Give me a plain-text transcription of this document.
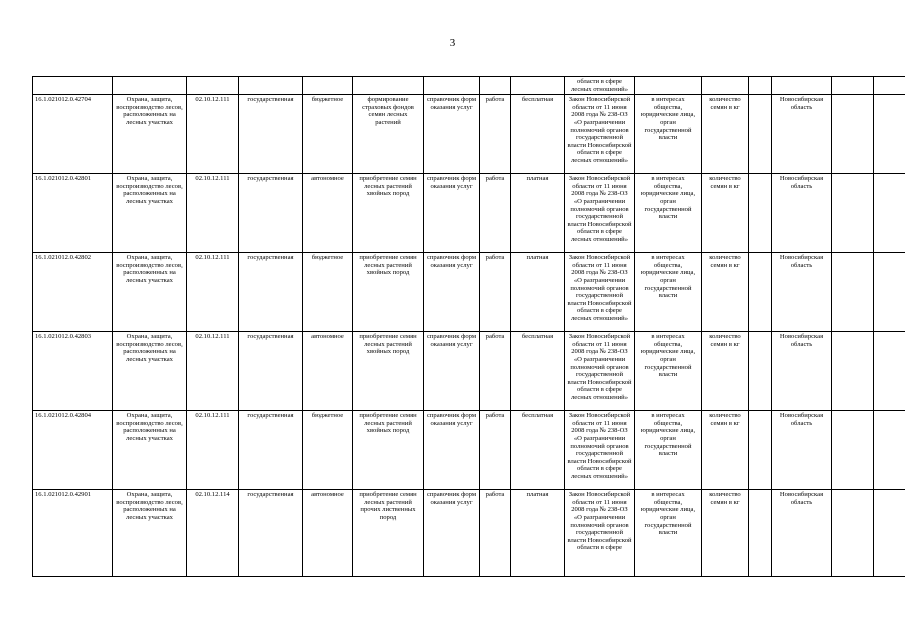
3
									области в сфере лесных отношений»						
16.1.021012.0.42704	Охрана, защита, воспроизводство лесов, расположенных на лесных участках	02.10.12.111	государственная	бюджетное	формирование страховых фондов семян лесных растений	справочник форм оказания услуг	работа	бесплатная	Закон Новосибирской области от 11 июня 2008 года № 238-ОЗ «О разграничении полномочий органов государственной власти Новосибирской области в сфере лесных отношений»	в интересах общества, юридические лица, орган государственной власти	количество семян в кг		Новосибирская область		
16.1.021012.0.42801	Охрана, защита, воспроизводство лесов, расположенных на лесных участках	02.10.12.111	государственная	автономное	приобретение семян лесных растений хвойных пород	справочник форм оказания услуг	работа	платная	Закон Новосибирской области от 11 июня 2008 года № 238-ОЗ «О разграничении полномочий органов государственной власти Новосибирской области в сфере лесных отношений»	в интересах общества, юридические лица, орган государственной власти	количество семян в кг		Новосибирская область		
16.1.021012.0.42802	Охрана, защита, воспроизводство лесов, расположенных на лесных участках	02.10.12.111	государственная	бюджетное	приобретение семян лесных растений хвойных пород	справочник форм оказания услуг	работа	платная	Закон Новосибирской области от 11 июня 2008 года № 238-ОЗ «О разграничении полномочий органов государственной власти Новосибирской области в сфере лесных отношений»	в интересах общества, юридические лица, орган государственной власти	количество семян в кг		Новосибирская область		
16.1.021012.0.42803	Охрана, защита, воспроизводство лесов, расположенных на лесных участках	02.10.12.111	государственная	автономное	приобретение семян лесных растений хвойных пород	справочник форм оказания услуг	работа	бесплатная	Закон Новосибирской области от 11 июня 2008 года № 238-ОЗ «О разграничении полномочий органов государственной власти Новосибирской области в сфере лесных отношений»	в интересах общества, юридические лица, орган государственной власти	количество семян в кг		Новосибирская область		
16.1.021012.0.42804	Охрана, защита, воспроизводство лесов, расположенных на лесных участках	02.10.12.111	государственная	бюджетное	приобретение семян лесных растений хвойных пород	справочник форм оказания услуг	работа	бесплатная	Закон Новосибирской области от 11 июня 2008 года № 238-ОЗ «О разграничении полномочий органов государственной власти Новосибирской области в сфере лесных отношений»	в интересах общества, юридические лица, орган государственной власти	количество семян в кг		Новосибирская область		
16.1.021012.0.42901	Охрана, защита, воспроизводство лесов, расположенных на лесных участках	02.10.12.114	государственная	автономное	приобретение семян лесных растений прочих лиственных пород	справочник форм оказания услуг	работа	платная	Закон Новосибирской области от 11 июня 2008 года № 238-ОЗ «О разграничении полномочий органов государственной власти Новосибирской области в сфере	в интересах общества, юридические лица, орган государственной власти	количество семян в кг		Новосибирская область		
